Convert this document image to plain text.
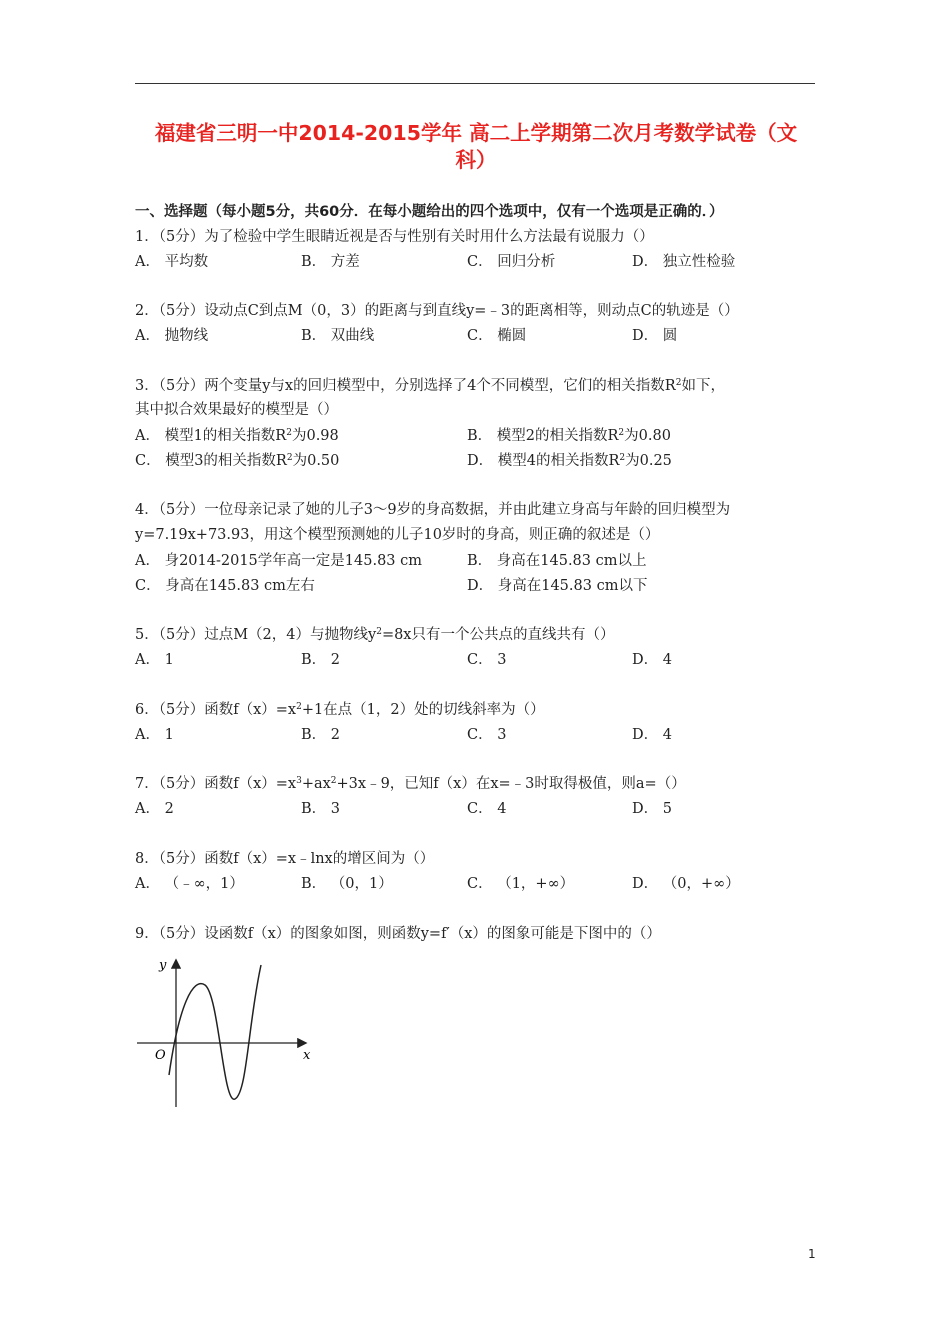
福建省三明一中2014-2015学年 高二上学期第二次月考数学试卷（文
科）
一、选择题（每小题5分，共60分．在每小题给出的四个选项中，仅有一个选项是正确的．）
1．（5分）为了检验中学生眼睛近视是否与性别有关时用什么方法最有说服力（）
A． 平均数	B． 方差	C． 回归分析	D． 独立性检验
2．（5分）设动点C到点M（0，3）的距离与到直线y=﹣3的距离相等，则动点C的轨迹是（）
A． 抛物线	B． 双曲线	C． 椭圆	D． 圆
3．（5分）两个变量y与x的回归模型中，分别选择了4个不同模型，它们的相关指数$R^2$如下，
其中拟合效果最好的模型是（）
A． 模型1的相关指数$R^2$为0.98	B． 模型2的相关指数$R^2$为0.80
C． 模型3的相关指数$R^2$为0.50	D． 模型4的相关指数$R^2$为0.25
4．（5分）一位母亲记录了她的儿子3～9岁的身高数据，并由此建立身高与年龄的回归模型为
y=7.19x+73.93，用这个模型预测她的儿子10岁时的身高，则正确的叙述是（）
A． 身2014-2015学年高一定是145.83 cm	B． 身高在145.83 cm以上
C． 身高在145.83 cm左右	D． 身高在145.83 cm以下
5．（5分）过点M（2，4）与抛物线$y^2=8x$只有一个公共点的直线共有（）
A． 1	B． 2	C． 3	D． 4
6．（5分）函数$f(x)=x^2+1$在点（1，2）处的切线斜率为（）
A． 1	B． 2	C． 3	D． 4
7．（5分）函数$f(x)=x^3+ax^2+3x﹣9$，已知f（x）在x=﹣3时取得极值，则a=（）
A． 2	B． 3	C． 4	D． 5
8．（5分）函数f（x）=x﹣lnx的增区间为（）
A． （﹣∞，1）	B． （0，1）	C． （1，+∞）	D． （0，+∞）
9．（5分）设函数f（x）的图象如图，则函数y=f′（x）的图象可能是下图中的（）
y
x
O
1
